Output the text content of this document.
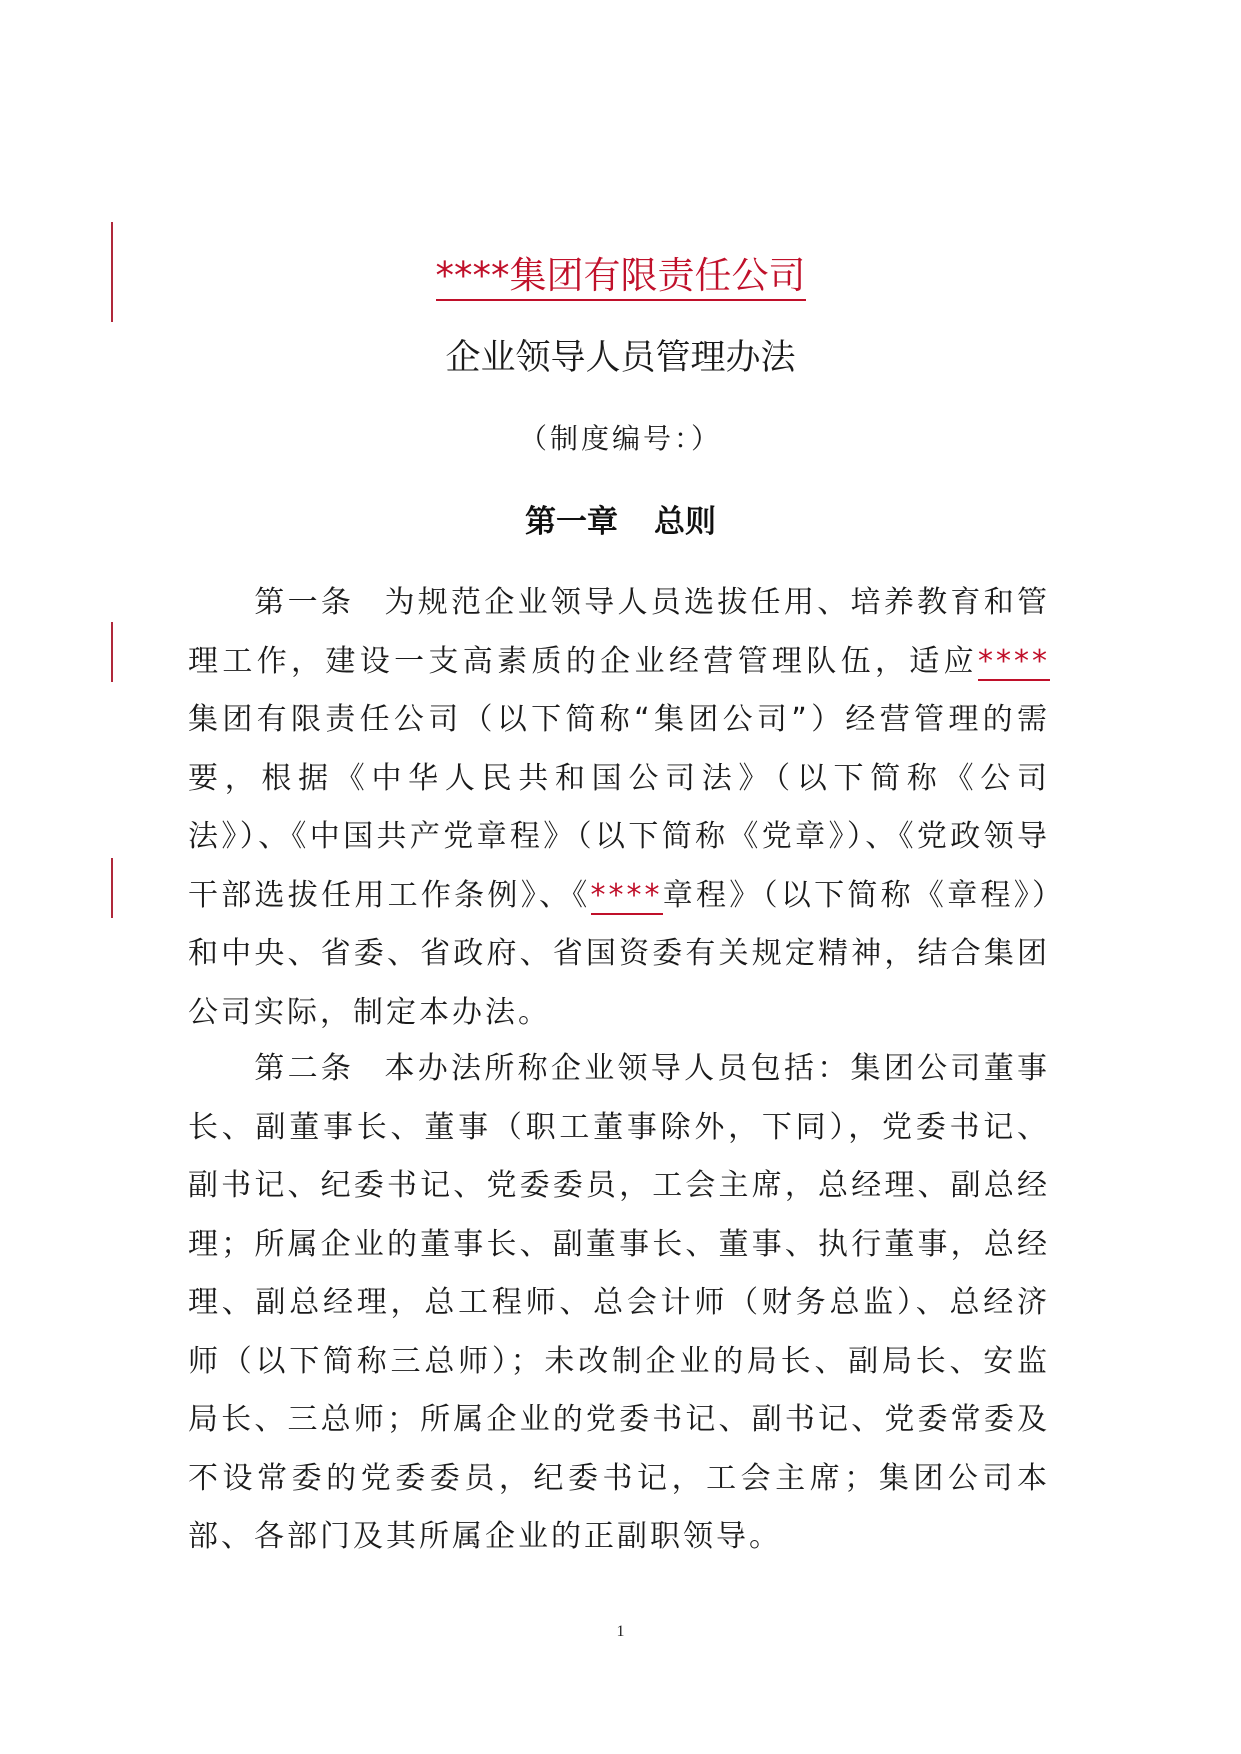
****集团有限责任公司
企业领导人员管理办法
（制度编号：）
第一章 总则

第一条 为规范企业领导人员选拔任用、培养教育和管理工作，建设一支高素质的企业经营管理队伍，适应****集团有限责任公司（以下简称“集团公司”）经营管理的需要，根据《中华人民共和国公司法》（以下简称《公司法》）、《中国共产党章程》（以下简称《党章》）、《党政领导干部选拔任用工作条例》、《****章程》（以下简称《章程》）和中央、省委、省政府、省国资委有关规定精神，结合集团公司实际，制定本办法。

第二条 本办法所称企业领导人员包括：集团公司董事长、副董事长、董事（职工董事除外，下同），党委书记、副书记、纪委书记、党委委员，工会主席，总经理、副总经理；所属企业的董事长、副董事长、董事、执行董事，总经理、副总经理，总工程师、总会计师（财务总监）、总经济师（以下简称三总师）；未改制企业的局长、副局长、安监局长、三总师；所属企业的党委书记、副书记、党委常委及不设常委的党委委员，纪委书记，工会主席；集团公司本部、各部门及其所属企业的正副职领导。

1
